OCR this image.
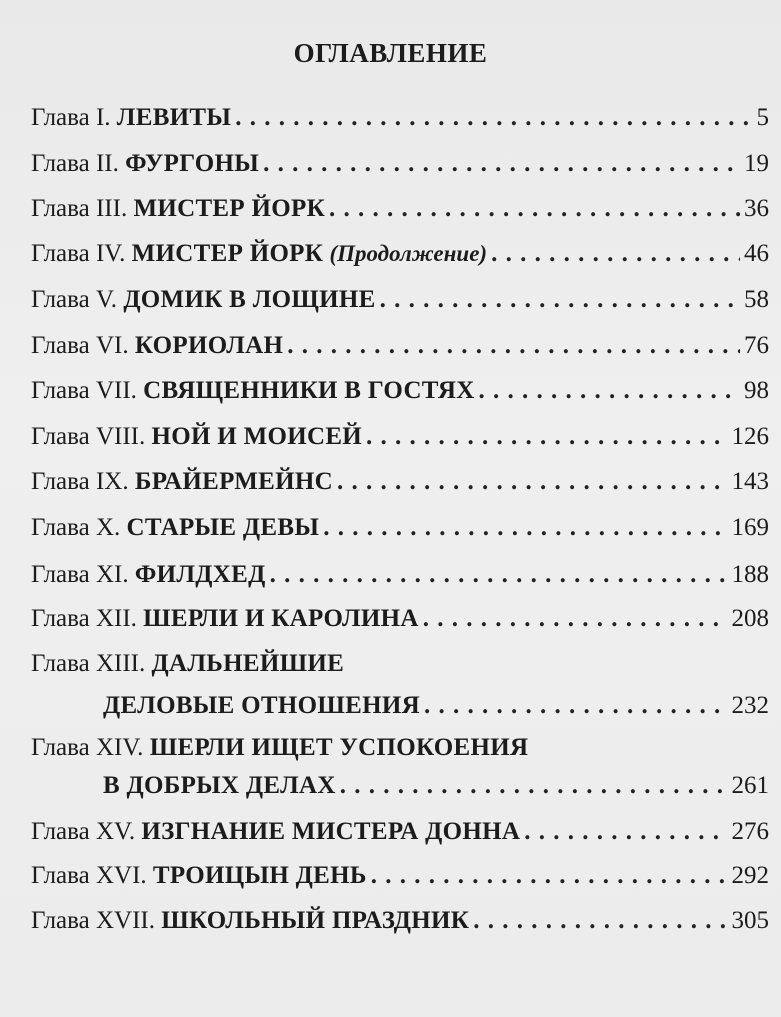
ОГЛАВЛЕНИЕ
Глава I. ЛЕВИТЫ . . .	5
Глава II. ФУРГОНЫ . . .	19
Глава III. МИСТЕР ЙОРК . . .	36
Глава IV. МИСТЕР ЙОРК (Продолжение) . . .	46
Глава V. ДОМИК В ЛОЩИНЕ . . .	58
Глава VI. КОРИОЛАН . . .	76
Глава VII. СВЯЩЕННИКИ В ГОСТЯХ . . .	98
Глава VIII. НОЙ И МОИСЕЙ . . .	126
Глава IX. БРАЙЕРМЕЙНС . . .	143
Глава X. СТАРЫЕ ДЕВЫ . . .	169
Глава XI. ФИЛДХЕД . . .	188
Глава XII. ШЕРЛИ И КАРОЛИНА . . .	208
Глава XIII. ДАЛЬНЕЙШИЕ
ДЕЛОВЫЕ ОТНОШЕНИЯ . . .	232
Глава XIV. ШЕРЛИ ИЩЕТ УСПОКОЕНИЯ
В ДОБРЫХ ДЕЛАХ . . .	261
Глава XV. ИЗГНАНИЕ МИСТЕРА ДОННА . . .	276
Глава XVI. ТРОИЦЫН ДЕНЬ . . .	292
Глава XVII. ШКОЛЬНЫЙ ПРАЗДНИК . . .	305
